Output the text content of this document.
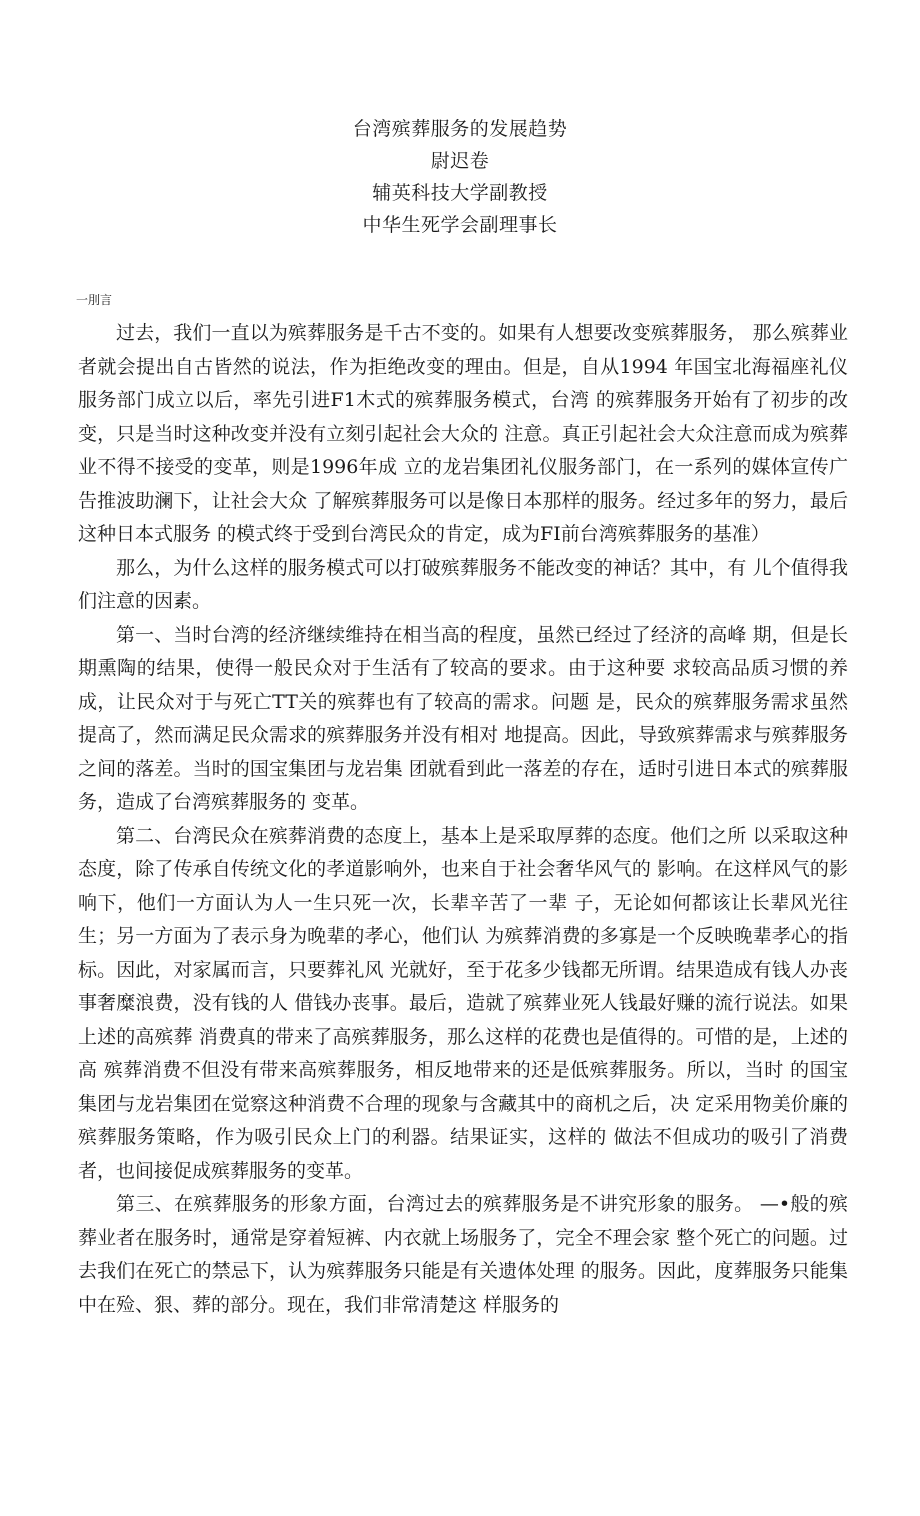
台湾殡葬服务的发展趋势
尉迟卷
辅英科技大学副教授
中华生死学会副理事长
一刖言

过去，我们一直以为殡葬服务是千古不变的。如果有人想要改变殡葬服务， 那么殡葬业者就会提出自古皆然的说法，作为拒绝改变的理由。但是，自从1994 年国宝北海福座礼仪服务部门成立以后，率先引进F1木式的殡葬服务模式，台湾 的殡葬服务开始有了初步的改变，只是当时这种改变并没有立刻引起社会大众的 注意。真正引起社会大众注意而成为殡葬业不得不接受的变革，则是1996年成 立的龙岩集团礼仪服务部门，在一系列的媒体宣传广告推波助澜下，让社会大众 了解殡葬服务可以是像日本那样的服务。经过多年的努力，最后这种日本式服务 的模式终于受到台湾民众的肯定，成为FI前台湾殡葬服务的基准）

那么，为什么这样的服务模式可以打破殡葬服务不能改变的神话？其中，有 儿个值得我们注意的因素。

第一、当时台湾的经济继续维持在相当高的程度，虽然已经过了经济的高峰 期，但是长期熏陶的结果，使得一般民众对于生活有了较高的要求。由于这种要 求较高品质习惯的养成，让民众对于与死亡TT关的殡葬也有了较高的需求。问题 是，民众的殡葬服务需求虽然提高了，然而满足民众需求的殡葬服务并没有相对 地提高。因此，导致殡葬需求与殡葬服务之间的落差。当时的国宝集团与龙岩集 团就看到此一落差的存在，适时引进日本式的殡葬服务，造成了台湾殡葬服务的 变革。

第二、台湾民众在殡葬消费的态度上，基本上是采取厚葬的态度。他们之所 以采取这种态度，除了传承自传统文化的孝道影响外，也来自于社会奢华风气的 影响。在这样风气的影响下，他们一方面认为人一生只死一次，长辈辛苦了一辈 子，无论如何都该让长辈风光往生；另一方面为了表示身为晚辈的孝心，他们认 为殡葬消费的多寡是一个反映晚辈孝心的指标。因此，对家属而言，只要葬礼风 光就好，至于花多少钱都无所谓。结果造成有钱人办丧事奢糜浪费，没有钱的人 借钱办丧事。最后，造就了殡葬业死人钱最好赚的流行说法。如果上述的高殡葬 消费真的带来了高殡葬服务，那么这样的花费也是值得的。可惜的是，上述的高 殡葬消费不但没有带来高殡葬服务，相反地带来的还是低殡葬服务。所以，当时 的国宝集团与龙岩集团在觉察这种消费不合理的现象与含藏其中的商机之后，决 定采用物美价廉的殡葬服务策略，作为吸引民众上门的利器。结果证实，这样的 做法不但成功的吸引了消费者，也间接促成殡葬服务的变革。

第三、在殡葬服务的形象方面，台湾过去的殡葬服务是不讲究形象的服务。 —•般的殡葬业者在服务时，通常是穿着短裤、内衣就上场服务了，完全不理会家 整个死亡的问题。过去我们在死亡的禁忌下，认为殡葬服务只能是有关遗体处理 的服务。因此，度葬服务只能集中在殓、狠、葬的部分。现在，我们非常清楚这 样服务的
